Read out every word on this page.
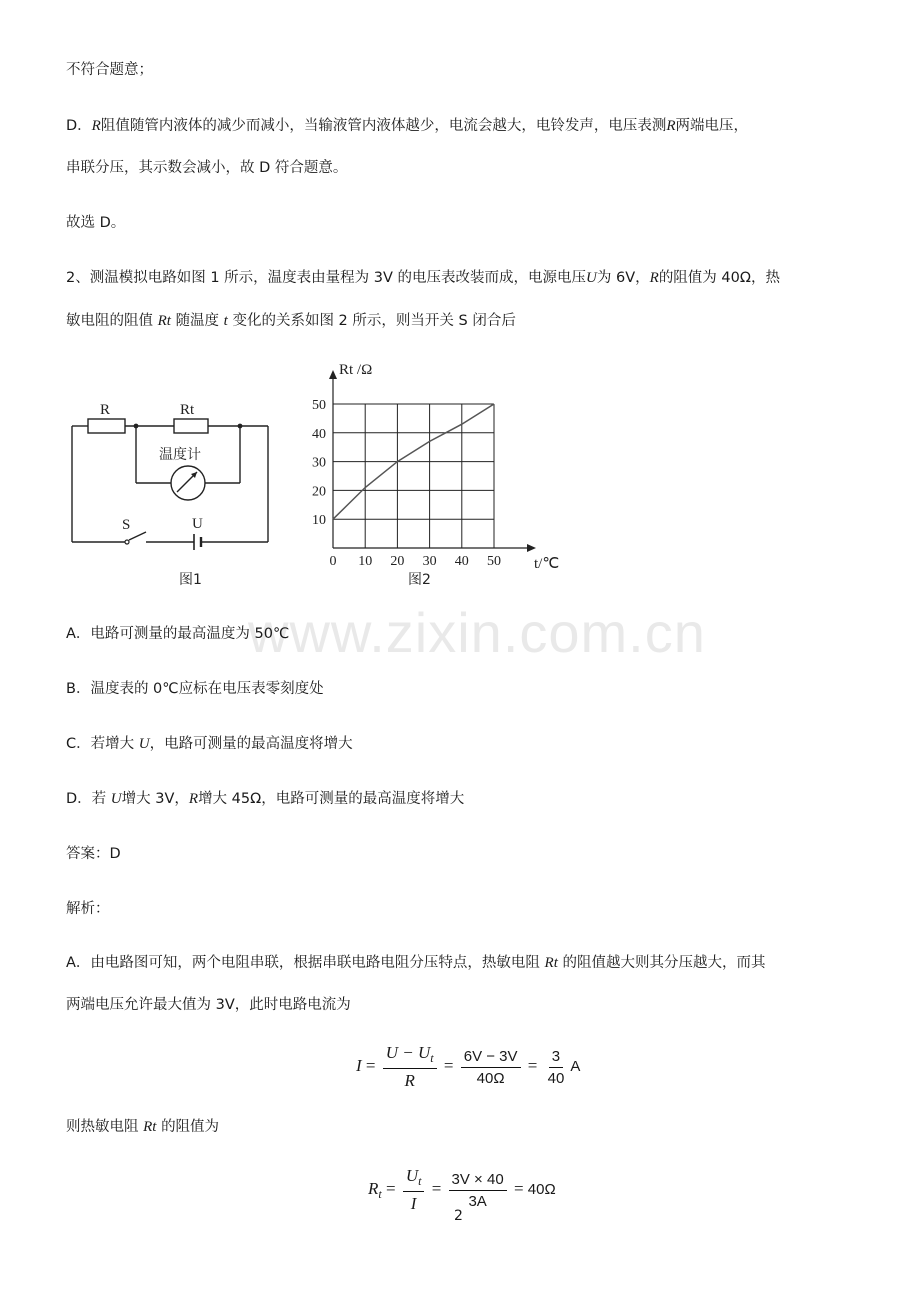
www.zixin.com.cn
不符合题意；
D．R阻值随管内液体的减少而减小，当输液管内液体越少，电流会越大，电铃发声，电压表测R两端电压，
串联分压，其示数会减小，故 D 符合题意。
故选 D。
2、测温模拟电路如图 1 所示，温度表由量程为 3V 的电压表改装而成，电源电压U为 6V，R的阻值为 40Ω，热
敏电阻的阻值 Rt 随温度 t 变化的关系如图 2 所示，则当开关 S 闭合后
R	Rt
温度计
S	U
图1
0 10 20 30 40 50
10
20
30
40
50
Rt /Ω
t/℃
图2
A．电路可测量的最高温度为 50℃
B．温度表的 0℃应标在电压表零刻度处
C．若增大 U，电路可测量的最高温度将增大
D．若 U增大 3V，R增大 45Ω，电路可测量的最高温度将增大
答案：D
解析：
A．由电路图可知，两个电阻串联，根据串联电路电阻分压特点，热敏电阻 Rt 的阻值越大则其分压越大，而其
两端电压允许最大值为 3V，此时电路电流为
$I = \frac{U - U_t}{R} = \frac{6V - 3V}{40\Omega} = \frac{3}{40}$ A
则热敏电阻 Rt 的阻值为
$R_t = \frac{U_t}{I} = \frac{3V \times 40}{3A} = 40\Omega$
2
